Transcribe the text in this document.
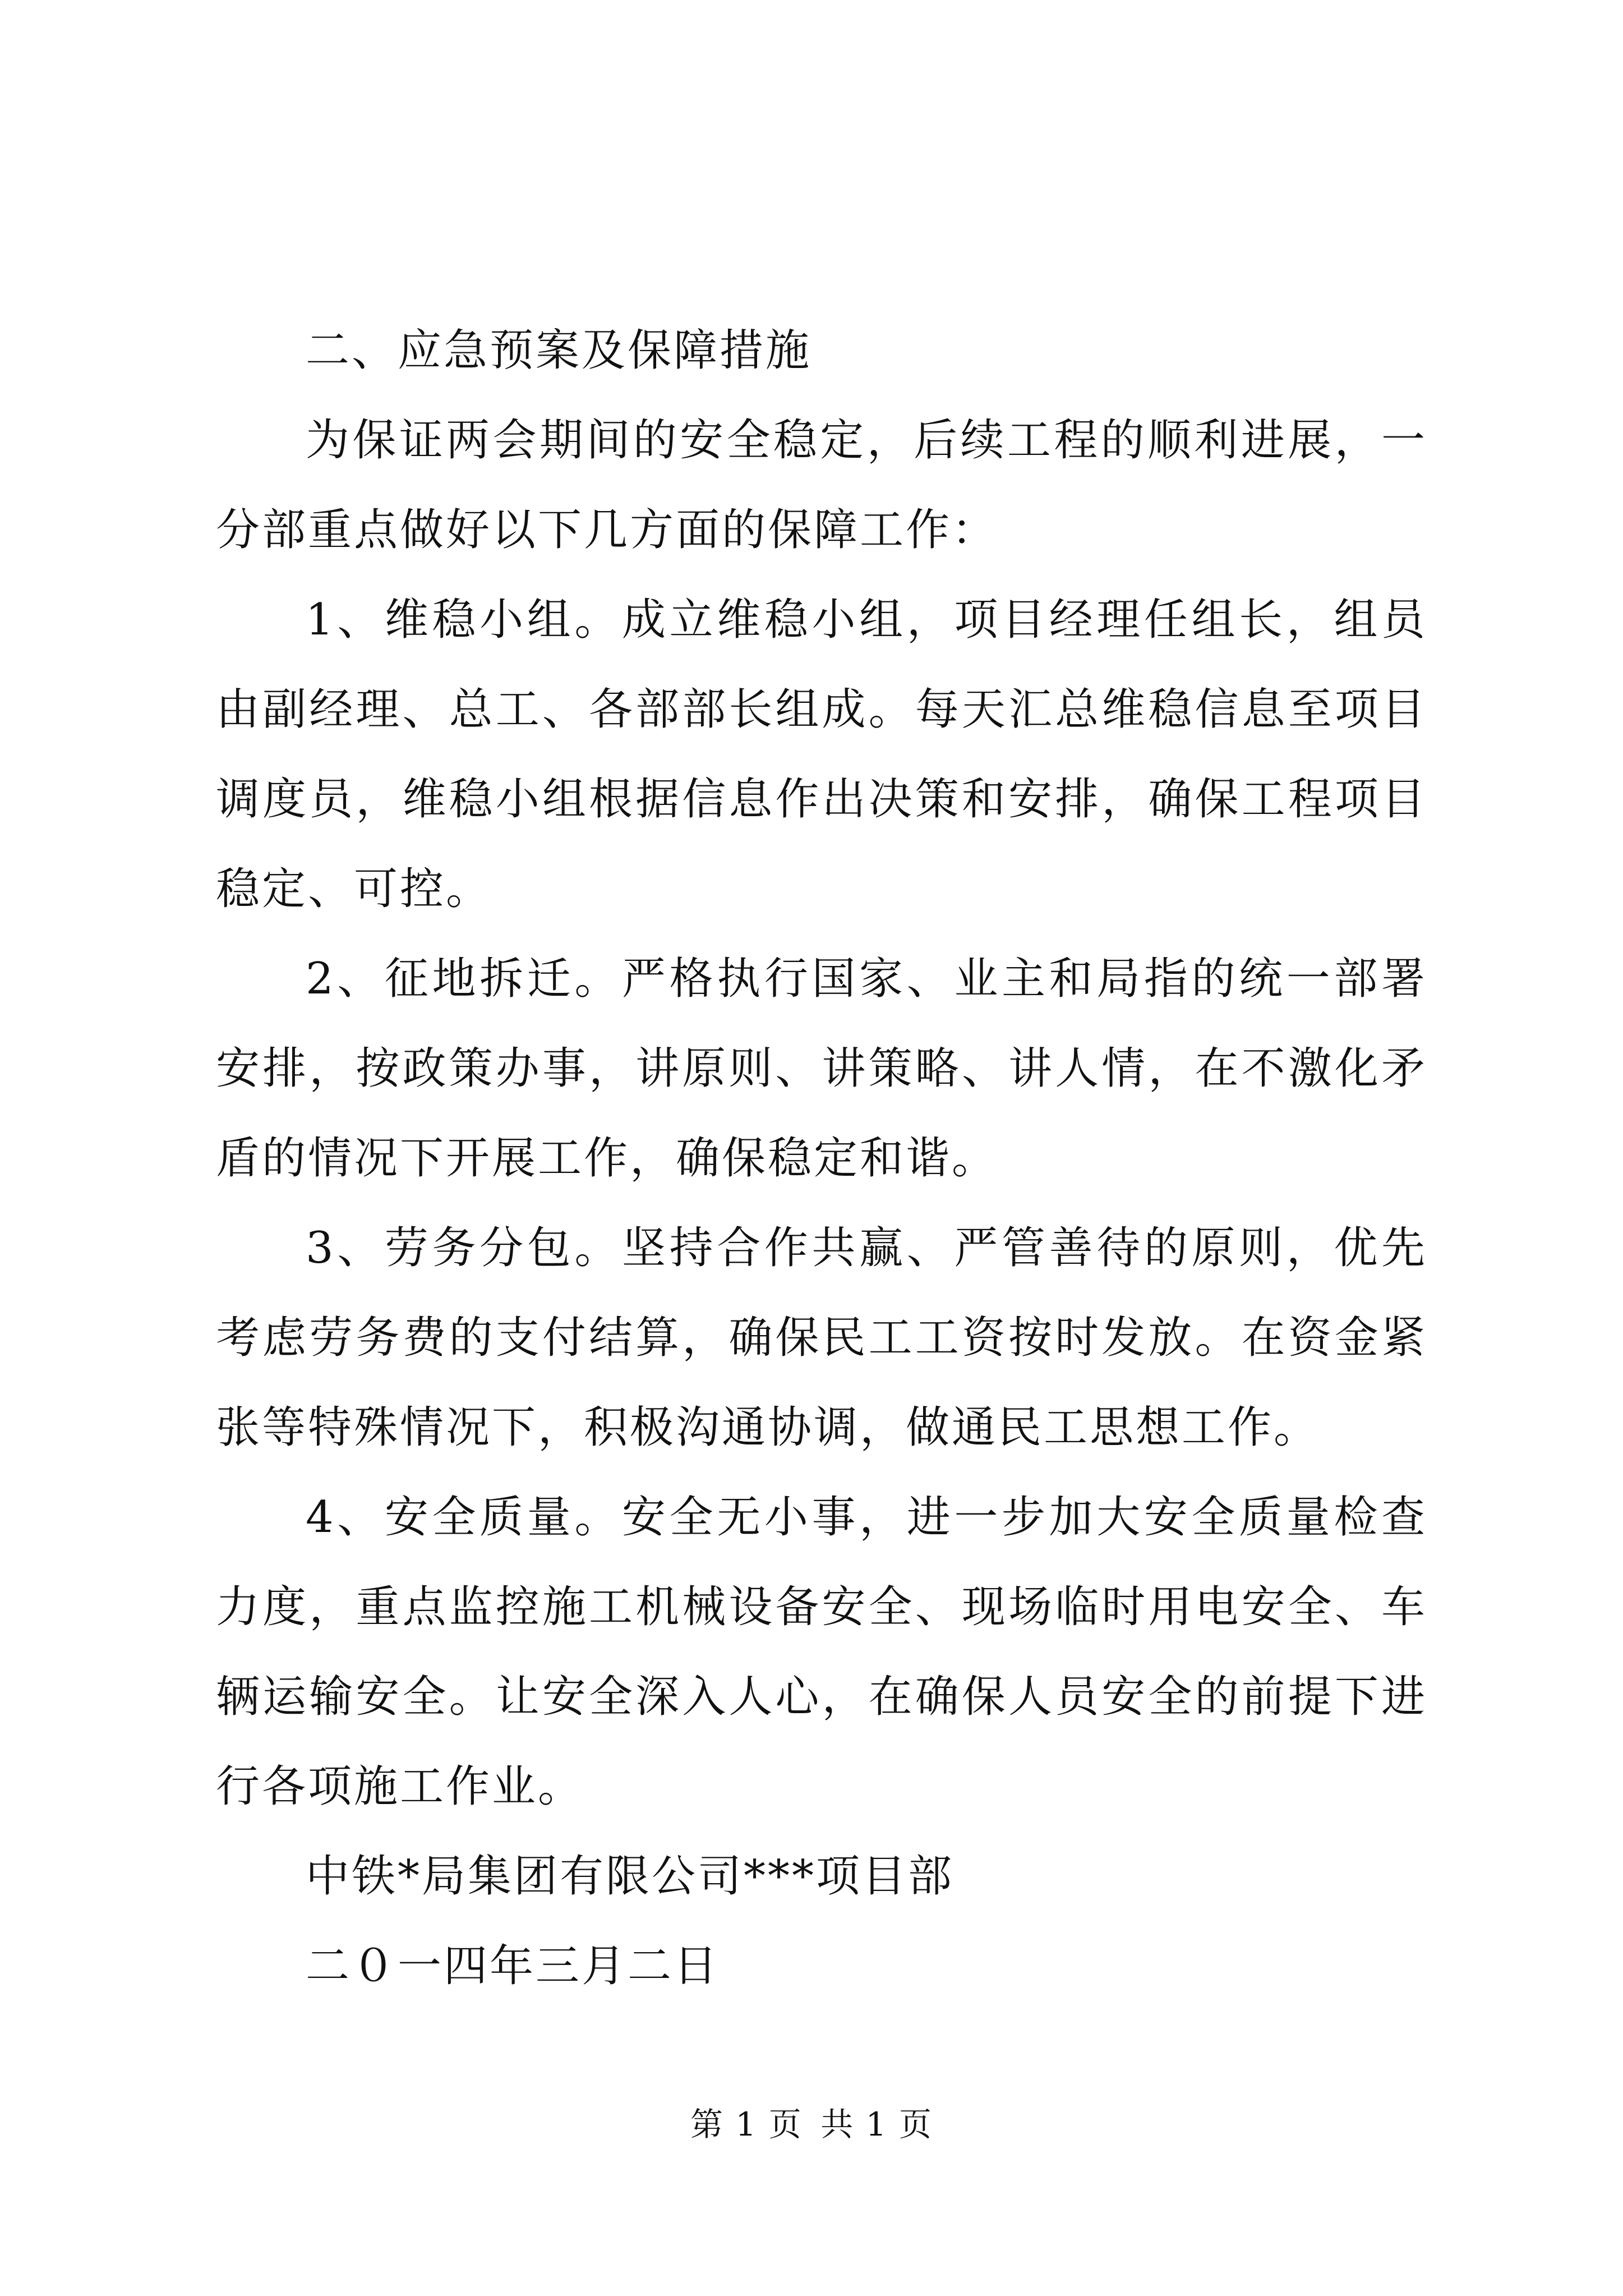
二、应急预案及保障措施

为保证两会期间的安全稳定，后续工程的顺利进展，一分部重点做好以下几方面的保障工作：

1、维稳小组。成立维稳小组，项目经理任组长，组员由副经理、总工、各部部长组成。每天汇总维稳信息至项目调度员，维稳小组根据信息作出决策和安排，确保工程项目稳定、可控。

2、征地拆迁。严格执行国家、业主和局指的统一部署安排，按政策办事，讲原则、讲策略、讲人情，在不激化矛盾的情况下开展工作，确保稳定和谐。

3、劳务分包。坚持合作共赢、严管善待的原则，优先考虑劳务费的支付结算，确保民工工资按时发放。在资金紧张等特殊情况下，积极沟通协调，做通民工思想工作。

4、安全质量。安全无小事，进一步加大安全质量检查力度，重点监控施工机械设备安全、现场临时用电安全、车辆运输安全。让安全深入人心，在确保人员安全的前提下进行各项施工作业。

中铁*局集团有限公司***项目部

二０一四年三月二日

第 1 页 共 1 页
